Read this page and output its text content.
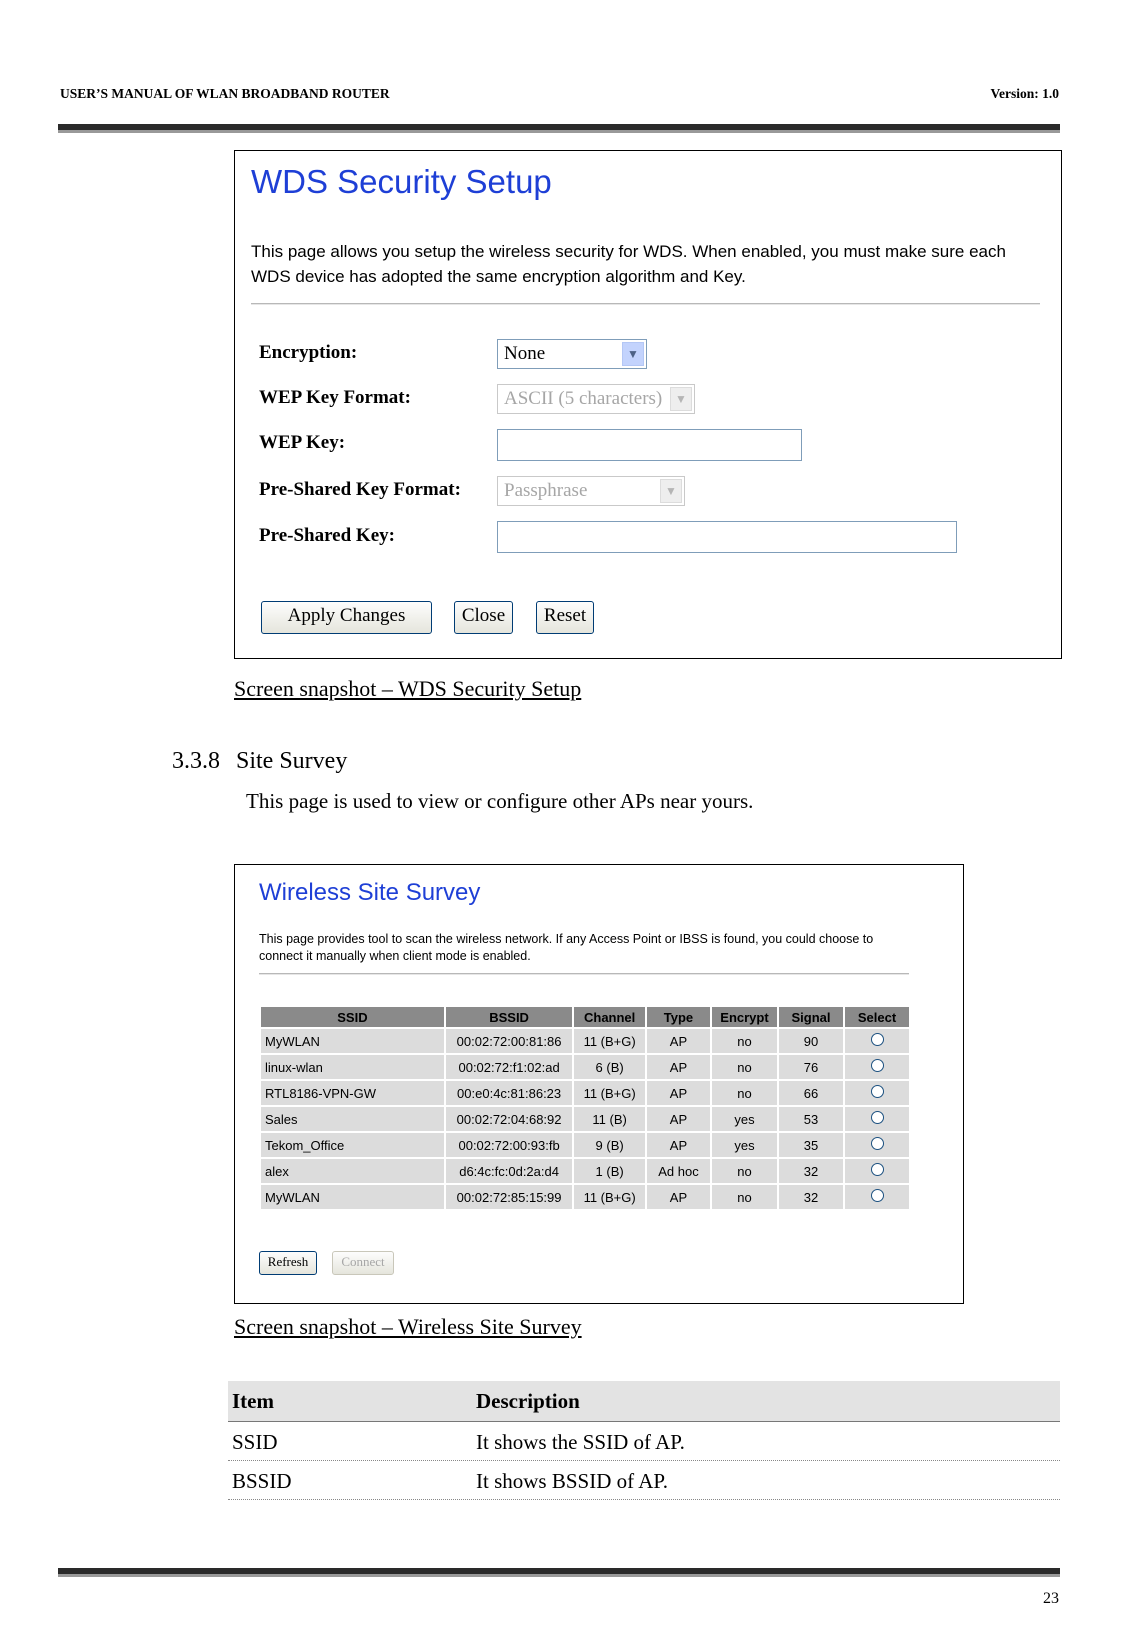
USER’S MANUAL OF WLAN BROADBAND ROUTER	Version: 1.0
WDS Security Setup
This page allows you setup the wireless security for WDS. When enabled, you must make sure each WDS device has adopted the same encryption algorithm and Key.
Encryption:	None	▼
WEP Key Format:	ASCII (5 characters)	▼
WEP Key:
Pre-Shared Key Format:	Passphrase	▼
Pre-Shared Key:
Apply Changes	Close	Reset
Screen snapshot – WDS Security Setup
3.3.8 Site Survey
This page is used to view or configure other APs near yours.
Wireless Site Survey
This page provides tool to scan the wireless network. If any Access Point or IBSS is found, you could choose to connect it manually when client mode is enabled.
SSID	BSSID	Channel	Type	Encrypt	Signal	Select
MyWLAN	00:02:72:00:81:86	11 (B+G)	AP	no	90	
linux-wlan	00:02:72:f1:02:ad	6 (B)	AP	no	76	
RTL8186-VPN-GW	00:e0:4c:81:86:23	11 (B+G)	AP	no	66	
Sales	00:02:72:04:68:92	11 (B)	AP	yes	53	
Tekom_Office	00:02:72:00:93:fb	9 (B)	AP	yes	35	
alex	d6:4c:fc:0d:2a:d4	1 (B)	Ad hoc	no	32	
MyWLAN	00:02:72:85:15:99	11 (B+G)	AP	no	32	
Refresh	Connect
Screen snapshot – Wireless Site Survey
Item	Description
SSID	It shows the SSID of AP.
BSSID	It shows BSSID of AP.
23
